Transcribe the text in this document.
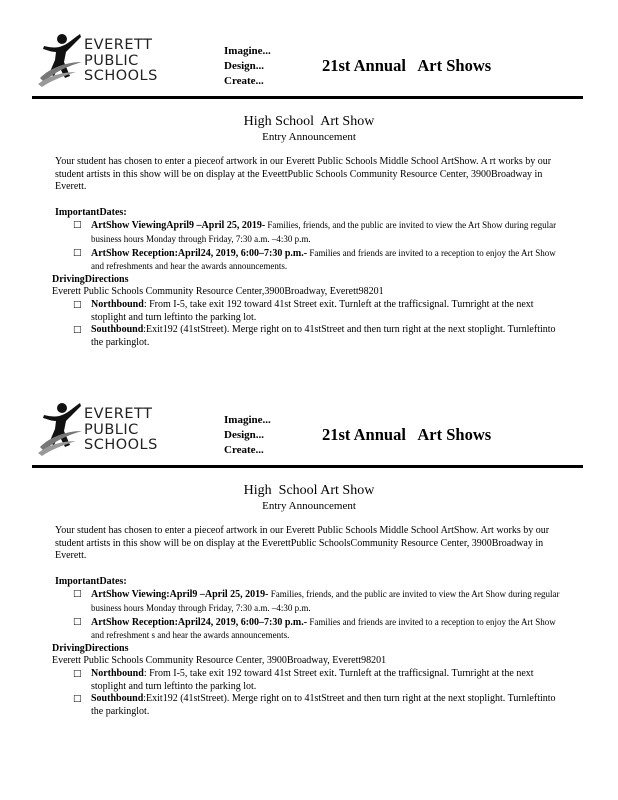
EVERETT
PUBLIC
SCHOOLS
Imagine...
Design...
Create...
21st Annual   Art Shows
High School  Art Show
Entry Announcement

Your student has chosen to enter a pieceof artwork in our Everett Public Schools Middle School ArtShow. A rt works by our student artists in this show will be on display at the EveettPublic Schools Community Resource Center, 3900Broadway in Everett.

ImportantDates:

□ ArtShow ViewingApril9 –April 25, 2019- Families, friends, and the public are invited to view the Art Show during regular business hours Monday through Friday, 7:30 a.m. –4:30 p.m.
□ ArtShow Reception:April24, 2019, 6:00–7:30 p.m.- Families and friends are invited to a reception to enjoy the Art Show and refreshments and hear the awards announcements.

DrivingDirections

Everett Public Schools Community Resource Center,3900Broadway, Everett98201

□ Northbound: From I-5, take exit 192 toward 41st Street exit. Turnleft at the trafficsignal. Turnright at the next stoplight and turn leftinto the parking lot.
□ Southbound:Exit192 (41stStreet). Merge right on to 41stStreet and then turn right at the next stoplight. Turnleftinto the parkinglot.
EVERETT
PUBLIC
SCHOOLS
Imagine...
Design...
Create...
21st Annual   Art Shows
High  School Art Show
Entry Announcement

Your student has chosen to enter a pieceof artwork in our Everett Public Schools Middle School ArtShow. Art works by our student artists in this show will be on display at the EverettPublic SchoolsCommunity Resource Center, 3900Broadway in Everett.

ImportantDates:

□ ArtShow Viewing:April9 –April 25, 2019- Families, friends, and the public are invited to view the Art Show during regular business hours Monday through Friday, 7:30 a.m. –4:30 p.m.
□ ArtShow Reception:April24, 2019, 6:00–7:30 p.m.- Families and friends are invited to a reception to enjoy the Art Show and refreshment s and hear the awards announcements.

DrivingDirections

Everett Public Schools Community Resource Center, 3900Broadway, Everett98201

□ Northbound: From I-5, take exit 192 toward 41st Street exit. Turnleft at the trafficsignal. Turnright at the next stoplight and turn leftinto the parking lot.
□ Southbound:Exit192 (41stStreet). Merge right on to 41stStreet and then turn right at the next stoplight. Turnleftinto the parkinglot.
